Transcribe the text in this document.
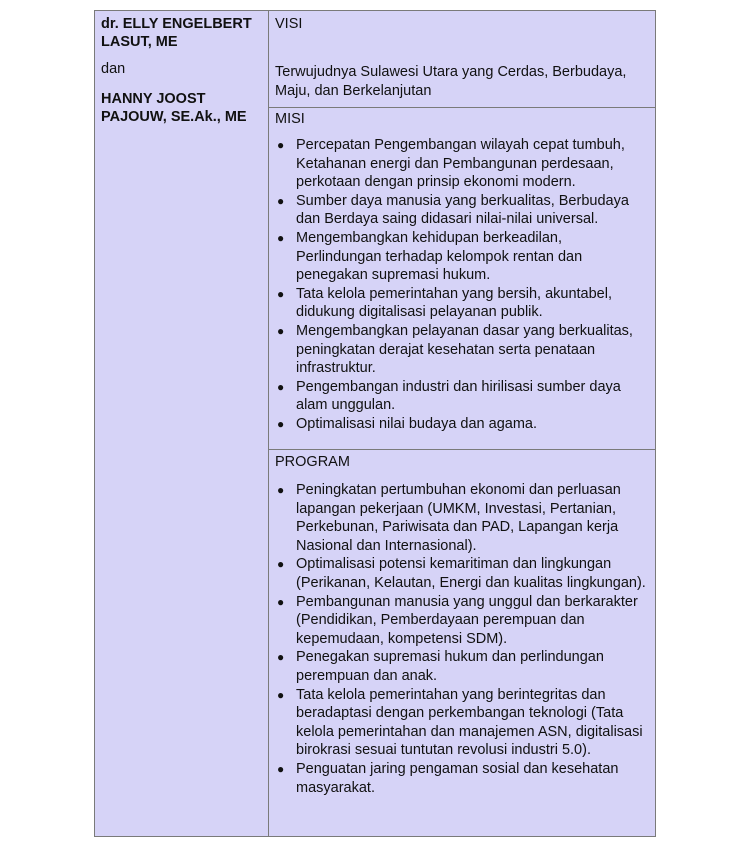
dr. ELLY ENGELBERT LASUT, ME
dan
HANNY JOOST PAJOUW, SE.Ak., ME
VISI
Terwujudnya Sulawesi Utara yang Cerdas, Berbudaya, Maju, dan Berkelanjutan
MISI
● Percepatan Pengembangan wilayah cepat tumbuh, Ketahanan energi dan Pembangunan perdesaan, perkotaan dengan prinsip ekonomi modern.
● Sumber daya manusia yang berkualitas, Berbudaya dan Berdaya saing didasari nilai-nilai universal.
● Mengembangkan kehidupan berkeadilan, Perlindungan terhadap kelompok rentan dan penegakan supremasi hukum.
● Tata kelola pemerintahan yang bersih, akuntabel, didukung digitalisasi pelayanan publik.
● Mengembangkan pelayanan dasar yang berkualitas, peningkatan derajat kesehatan serta penataan infrastruktur.
● Pengembangan industri dan hirilisasi sumber daya alam unggulan.
● Optimalisasi nilai budaya dan agama.
PROGRAM
● Peningkatan pertumbuhan ekonomi dan perluasan lapangan pekerjaan (UMKM, Investasi, Pertanian, Perkebunan, Pariwisata dan PAD, Lapangan kerja Nasional dan Internasional).
● Optimalisasi potensi kemaritiman dan lingkungan (Perikanan, Kelautan, Energi dan kualitas lingkungan).
● Pembangunan manusia yang unggul dan berkarakter (Pendidikan, Pemberdayaan perempuan dan kepemudaan, kompetensi SDM).
● Penegakan supremasi hukum dan perlindungan perempuan dan anak.
● Tata kelola pemerintahan yang berintegritas dan beradaptasi dengan perkembangan teknologi (Tata kelola pemerintahan dan manajemen ASN, digitalisasi birokrasi sesuai tuntutan revolusi industri 5.0).
● Penguatan jaring pengaman sosial dan kesehatan masyarakat.
